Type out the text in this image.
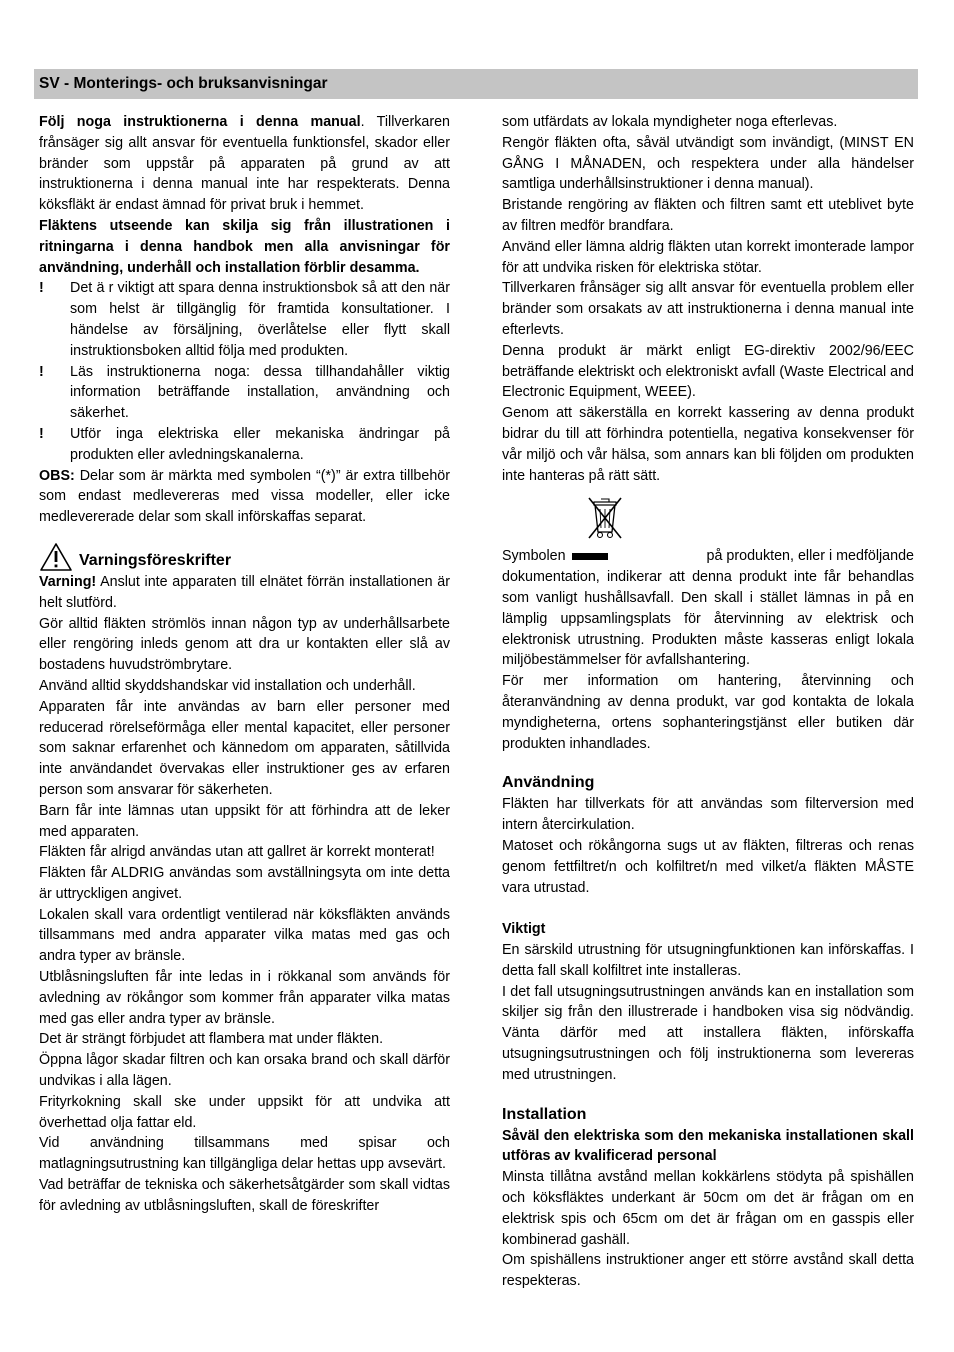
SV - Monterings- och bruksanvisningar

Följ noga instruktionerna i denna manual. Tillverkaren frånsäger sig allt ansvar för eventuella funktionsfel, skador eller bränder som uppstår på apparaten på grund av att instruktionerna i denna manual inte har respekterats. Denna köksfläkt är endast ämnad för privat bruk i hemmet.

Fläktens utseende kan skilja sig från illustrationen i ritningarna i denna handbok men alla anvisningar för användning, underhåll och installation förblir desamma.

!	Det ä r viktigt att spara denna instruktionsbok så att den när som helst är tillgänglig för framtida konsultationer. I händelse av försäljning, överlåtelse eller flytt skall instruktionsboken alltid följa med produkten.
!	Läs instruktionerna noga: dessa tillhandahåller viktig information beträffande installation, användning och säkerhet.
!	Utför inga elektriska eller mekaniska ändringar på produkten eller avledningskanalerna.

OBS: Delar som är märkta med symbolen “(*)” är extra tillbehör som endast medlevereras med vissa modeller, eller icke medlevererade delar som skall införskaffas separat.

Varningsföreskrifter

Varning! Anslut inte apparaten till elnätet förrän installationen är helt slutförd.

Gör alltid fläkten strömlös innan någon typ av underhållsarbete eller rengöring inleds genom att dra ur kontakten eller slå av bostadens huvudströmbrytare.

Använd alltid skyddshandskar vid installation och underhåll.

Apparaten får inte användas av barn eller personer med reducerad rörelseförmåga eller mental kapacitet, eller personer som saknar erfarenhet och kännedom om apparaten, såtillvida inte användandet övervakas eller instruktioner ges av erfaren person som ansvarar för säkerheten.

Barn får inte lämnas utan uppsikt för att förhindra att de leker med apparaten.

Fläkten får alrigd användas utan att gallret är korrekt monterat!

Fläkten får ALDRIG användas som avställningsyta om inte detta är uttryckligen angivet.

Lokalen skall vara ordentligt ventilerad när köksfläkten används tillsammans med andra apparater vilka matas med gas och andra typer av bränsle.

Utblåsningsluften får inte ledas in i rökkanal som används för avledning av rökångor som kommer från apparater vilka matas med gas eller andra typer av bränsle.

Det är strängt förbjudet att flambera mat under fläkten.

Öppna lågor skadar filtren och kan orsaka brand och skall därför undvikas i alla lägen.

Frityrkokning skall ske under uppsikt för att undvika att överhettad olja fattar eld.

Vid användning tillsammans med spisar och matlagningsutrustning kan tillgängliga delar hettas upp avsevärt.

Vad beträffar de tekniska och säkerhetsåtgärder som skall vidtas för avledning av utblåsningsluften, skall de föreskrifter

som utfärdats av lokala myndigheter noga efterlevas.

Rengör fläkten ofta, såväl utvändigt som invändigt, (MINST EN GÅNG I MÅNADEN, och respektera under alla händelser samtliga underhållsinstruktioner i denna manual).

Bristande rengöring av fläkten och filtren samt ett uteblivet byte av filtren medför brandfara.

Använd eller lämna aldrig fläkten utan korrekt imonterade lampor för att undvika risken för elektriska stötar.

Tillverkaren frånsäger sig allt ansvar för eventuella problem eller bränder som orsakats av att instruktionerna i denna manual inte efterlevts.

Denna produkt är märkt enligt EG-direktiv 2002/96/EEC beträffande elektriskt och elektroniskt avfall (Waste Electrical and Electronic Equipment, WEEE).

Genom att säkerställa en korrekt kassering av denna produkt bidrar du till att förhindra potentiella, negativa konsekvenser för vår miljö och vår hälsa, som annars kan bli följden om produkten inte hanteras på rätt sätt.

Symbolen	på produkten, eller i medföljande

dokumentation, indikerar att denna produkt inte får behandlas som vanligt hushållsavfall. Den skall i stället lämnas in på en lämplig uppsamlingsplats för återvinning av elektrisk och elektronisk utrustning. Produkten måste kasseras enligt lokala miljöbestämmelser för avfallshantering.

För mer information om hantering, återvinning och återanvändning av denna produkt, var god kontakta de lokala myndigheterna, ortens sophanteringstjänst eller butiken där produkten inhandlades.

Användning

Fläkten har tillverkats för att användas som filterversion med intern återcirkulation.

Matoset och rökångorna sugs ut av fläkten, filtreras och renas genom fettfiltret/n och kolfiltret/n med vilket/a fläkten MÅSTE vara utrustad.

Viktigt

En särskild utrustning för utsugningfunktionen kan införskaffas. I detta fall skall kolfiltret inte installeras.

I det fall utsugningsutrustningen används kan en installation som skiljer sig från den illustrerade i handboken visa sig nödvändig. Vänta därför med att installera fläkten, införskaffa utsugningsutrustningen och följ instruktionerna som levereras med utrustningen.

Installation

Såväl den elektriska som den mekaniska installationen skall utföras av kvalificerad personal

Minsta tillåtna avstånd mellan kokkärlens stödyta på spishällen och köksfläktes underkant är 50cm om det är frågan om en elektrisk spis och 65cm om det är frågan om en gasspis eller kombinerad gashäll.

Om spishällens instruktioner anger ett större avstånd skall detta respekteras.
